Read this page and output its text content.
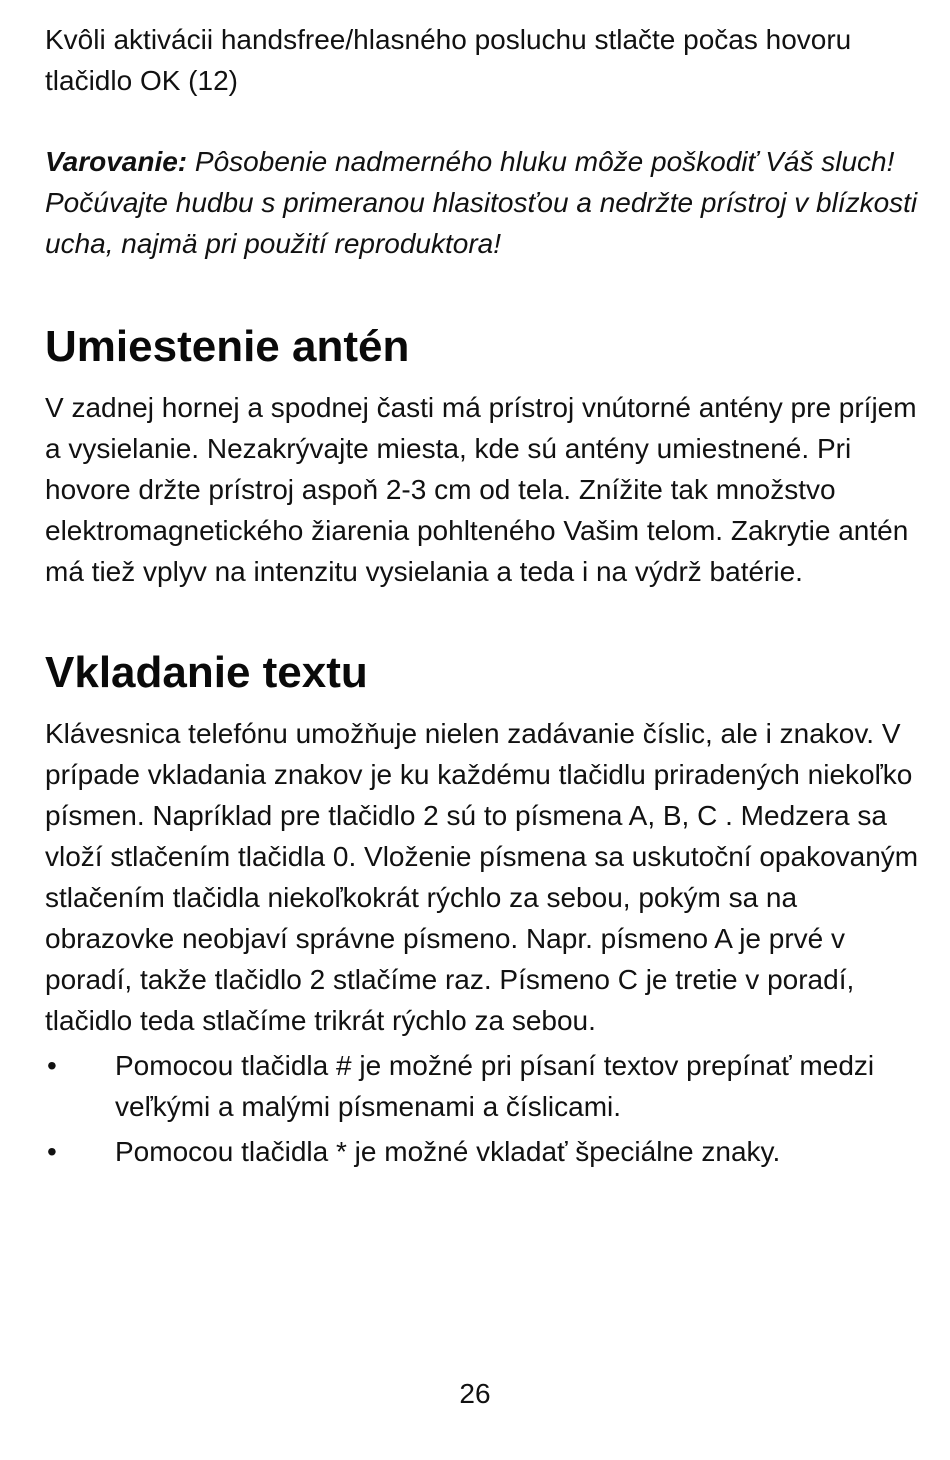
Kvôli aktivácii handsfree/hlasného posluchu stlačte počas hovoru tlačidlo OK (12)

Varovanie: Pôsobenie nadmerného hluku môže poškodiť Váš sluch! Počúvajte hudbu s primeranou hlasitosťou a nedržte prístroj v blízkosti ucha, najmä pri použití reproduktora!

Umiestenie antén

V zadnej hornej a spodnej časti má prístroj vnútorné antény pre príjem a vysielanie. Nezakrývajte miesta, kde sú antény umiestnené. Pri hovore držte prístroj aspoň 2-3 cm od tela. Znížite tak množstvo elektromagnetického žiarenia pohlteného Vašim telom. Zakrytie antén má tiež vplyv na intenzitu vysielania a teda i na výdrž batérie.

Vkladanie textu

Klávesnica telefónu umožňuje nielen zadávanie číslic, ale i znakov. V prípade vkladania znakov je ku každému tlačidlu priradených niekoľko písmen. Napríklad pre tlačidlo 2 sú to písmena A, B, C . Medzera sa vloží stlačením tlačidla 0. Vloženie písmena sa uskutoční opakovaným stlačením tlačidla niekoľkokrát rýchlo za sebou, pokým sa na obrazovke neobjaví správne písmeno. Napr. písmeno A je prvé v poradí, takže tlačidlo 2 stlačíme raz. Písmeno C je tretie v poradí, tlačidlo teda stlačíme trikrát rýchlo za sebou.

• Pomocou tlačidla # je možné pri písaní textov prepínať medzi veľkými a malými písmenami a číslicami.
• Pomocou tlačidla * je možné vkladať špeciálne znaky.
26
